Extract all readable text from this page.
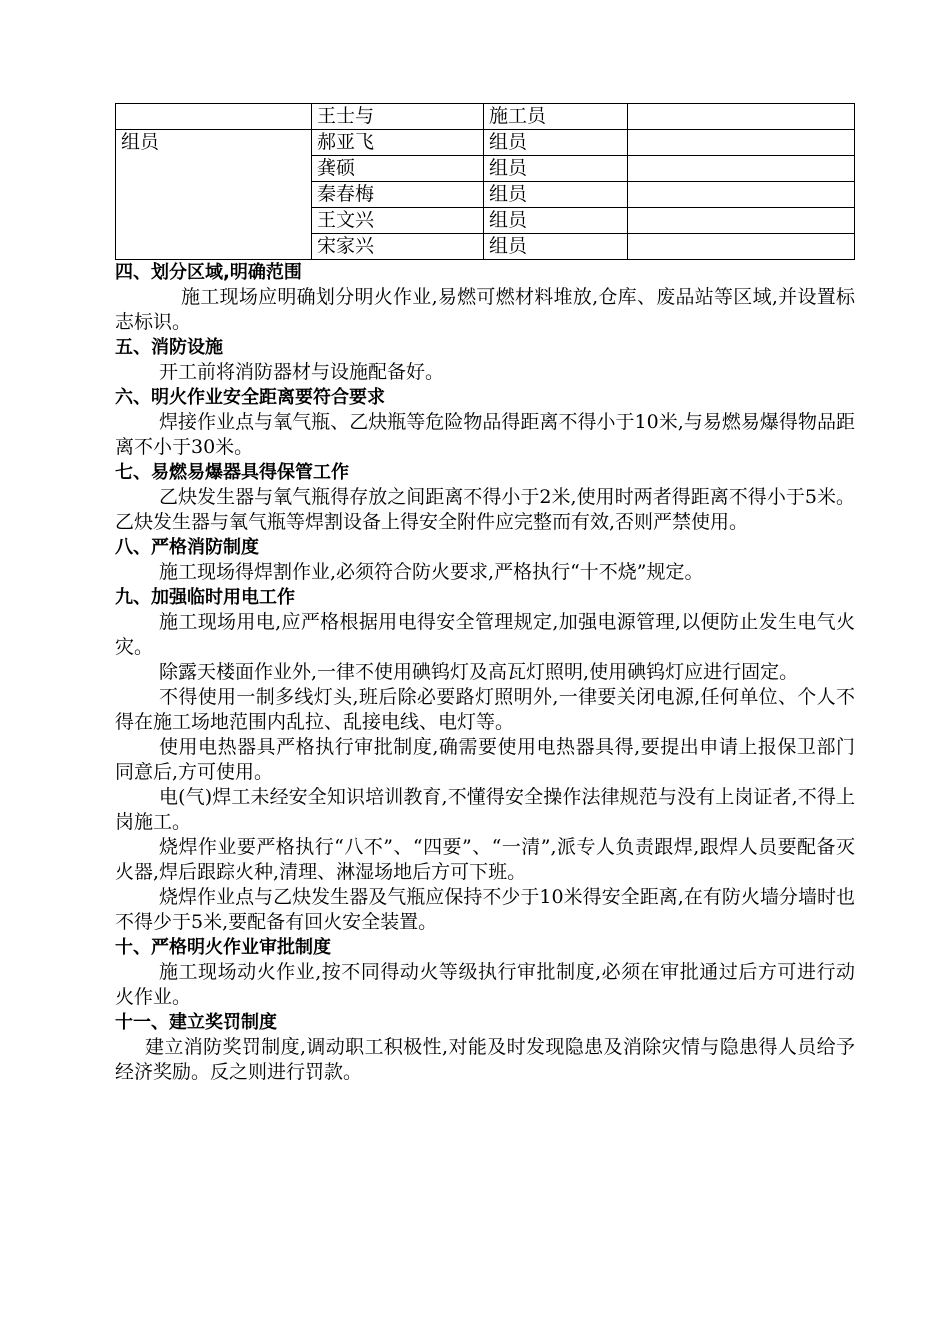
	王士与	施工员	
组员	郝亚飞	组员	
	龚硕	组员	
	秦春梅	组员	
	王文兴	组员	
	宋家兴	组员	
四、划分区域,明确范围
施工现场应明确划分明火作业,易燃可燃材料堆放,仓库、废品站等区域,并设置标志标识。
五、消防设施
开工前将消防器材与设施配备好。
六、明火作业安全距离要符合要求
焊接作业点与氧气瓶、乙炔瓶等危险物品得距离不得小于10米,与易燃易爆得物品距离不小于30米。
七、易燃易爆器具得保管工作
乙炔发生器与氧气瓶得存放之间距离不得小于2米,使用时两者得距离不得小于5米。乙炔发生器与氧气瓶等焊割设备上得安全附件应完整而有效,否则严禁使用。
八、严格消防制度
施工现场得焊割作业,必须符合防火要求,严格执行“十不烧”规定。
九、加强临时用电工作
施工现场用电,应严格根据用电得安全管理规定,加强电源管理,以便防止发生电气火灾。
除露天楼面作业外,一律不使用碘钨灯及高瓦灯照明,使用碘钨灯应进行固定。
不得使用一制多线灯头,班后除必要路灯照明外,一律要关闭电源,任何单位、个人不得在施工场地范围内乱拉、乱接电线、电灯等。
使用电热器具严格执行审批制度,确需要使用电热器具得,要提出申请上报保卫部门同意后,方可使用。
电(气)焊工未经安全知识培训教育,不懂得安全操作法律规范与没有上岗证者,不得上岗施工。
烧焊作业要严格执行“八不”、“四要”、“一清”,派专人负责跟焊,跟焊人员要配备灭火器,焊后跟踪火种,清理、淋湿场地后方可下班。
烧焊作业点与乙炔发生器及气瓶应保持不少于10米得安全距离,在有防火墙分墙时也不得少于5米,要配备有回火安全装置。
十、严格明火作业审批制度
施工现场动火作业,按不同得动火等级执行审批制度,必须在审批通过后方可进行动火作业。
十一、建立奖罚制度
建立消防奖罚制度,调动职工积极性,对能及时发现隐患及消除灾情与隐患得人员给予经济奖励。反之则进行罚款。
